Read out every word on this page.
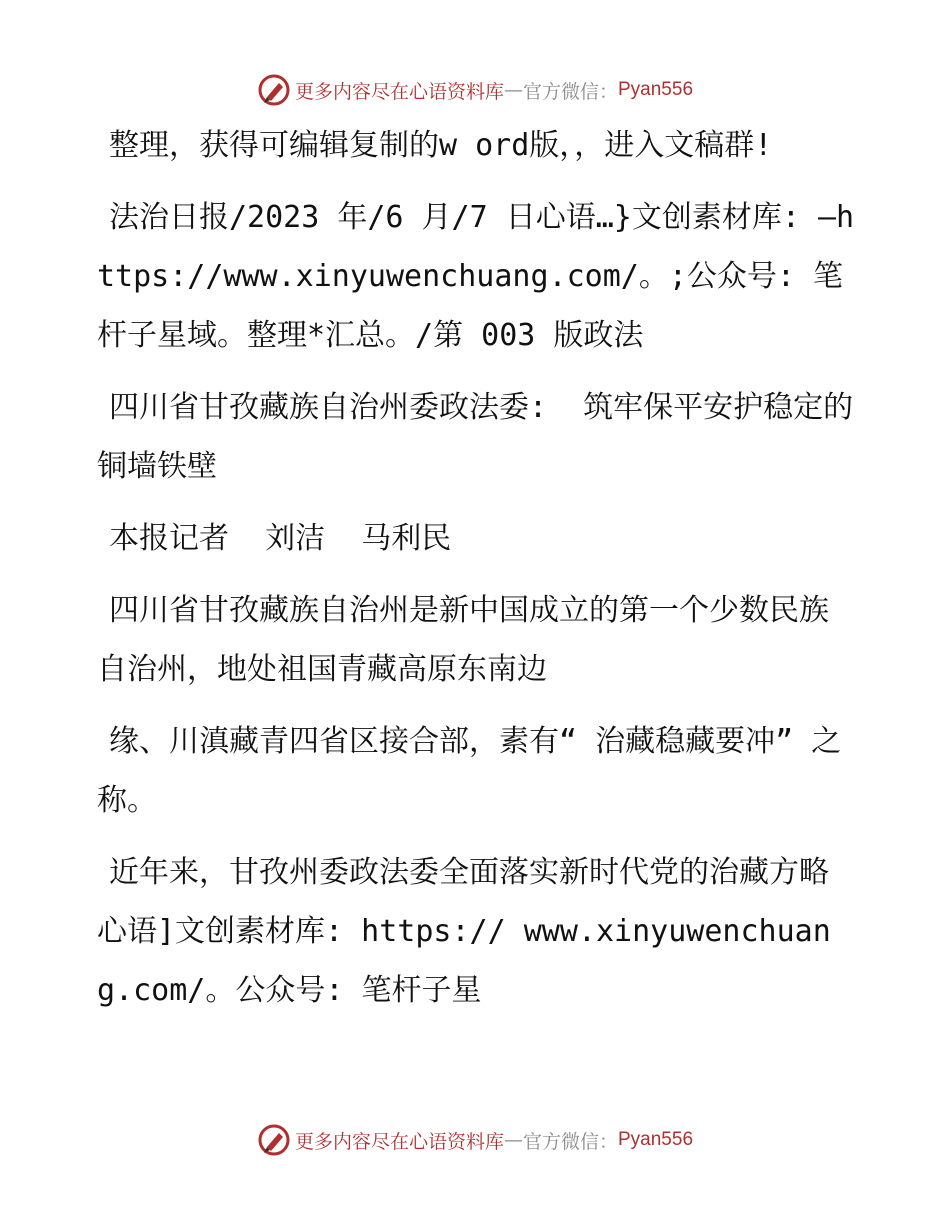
更多内容尽在心语资料库 — 官方微信： Pyan556

整理，获得可编辑复制的w ord版，，进入文稿群!

法治日报/2023 年/6 月/7 日心语…}文创素材库: —https://www.xinyuwenchuang.com/。;公众号: 笔杆子星域。整理*汇总。/第 003 版政法

四川省甘孜藏族自治州委政法委:  筑牢保平安护稳定的铜墙铁壁

本报记者  刘洁  马利民

四川省甘孜藏族自治州是新中国成立的第一个少数民族自治州，地处祖国青藏高原东南边

缘、川滇藏青四省区接合部，素有“ 治藏稳藏要冲” 之称。

近年来，甘孜州委政法委全面落实新时代党的治藏方略心语]文创素材库: https:// www.xinyuwenchuang.com/。公众号: 笔杆子星

更多内容尽在心语资料库 — 官方微信： Pyan556
